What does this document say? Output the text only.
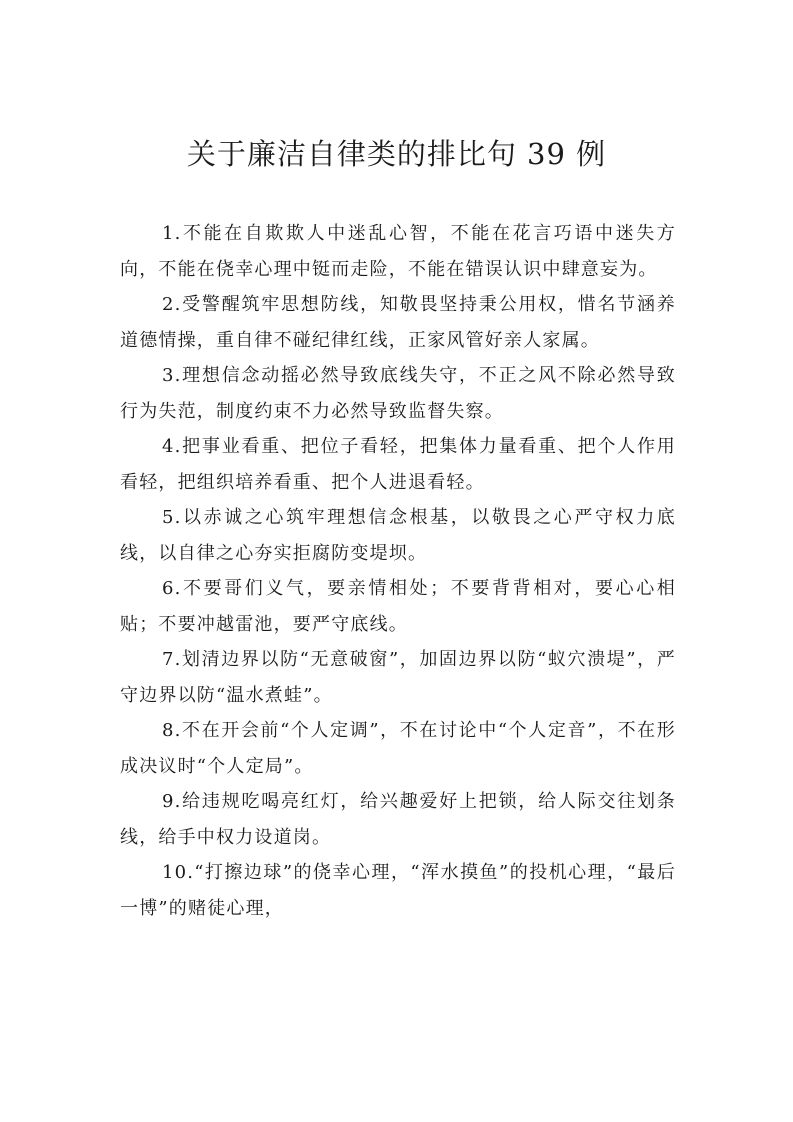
关于廉洁自律类的排比句 39 例

1.不能在自欺欺人中迷乱心智，不能在花言巧语中迷失方向，不能在侥幸心理中铤而走险，不能在错误认识中肆意妄为。

2.受警醒筑牢思想防线，知敬畏坚持秉公用权，惜名节涵养道德情操，重自律不碰纪律红线，正家风管好亲人家属。

3.理想信念动摇必然导致底线失守，不正之风不除必然导致行为失范，制度约束不力必然导致监督失察。

4.把事业看重、把位子看轻，把集体力量看重、把个人作用看轻，把组织培养看重、把个人进退看轻。

5.以赤诚之心筑牢理想信念根基，以敬畏之心严守权力底线，以自律之心夯实拒腐防变堤坝。

6.不要哥们义气，要亲情相处；不要背背相对，要心心相贴；不要冲越雷池，要严守底线。

7.划清边界以防“无意破窗”，加固边界以防“蚁穴溃堤”，严守边界以防“温水煮蛙”。

8.不在开会前“个人定调”，不在讨论中“个人定音”，不在形成决议时“个人定局”。

9.给违规吃喝亮红灯，给兴趣爱好上把锁，给人际交往划条线，给手中权力设道岗。

10.“打擦边球”的侥幸心理，“浑水摸鱼”的投机心理，“最后一博”的赌徒心理，
